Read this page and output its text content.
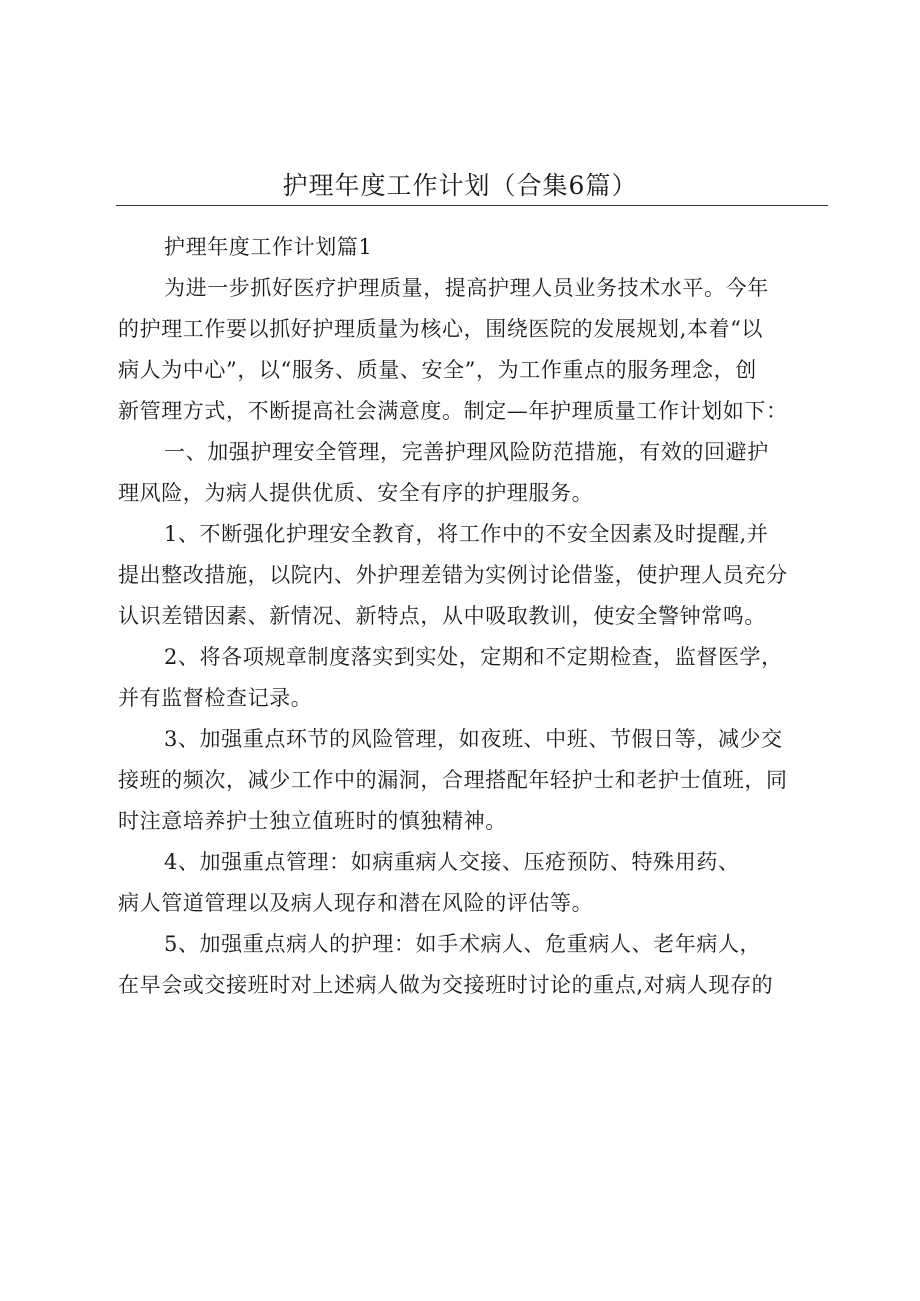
护理年度工作计划（合集6篇）
护理年度工作计划篇1
为进一步抓好医疗护理质量，提高护理人员业务技术水平。今年
的护理工作要以抓好护理质量为核心，围绕医院的发展规划,本着“以
病人为中心”，以“服务、质量、安全”，为工作重点的服务理念，创
新管理方式，不断提高社会满意度。制定—年护理质量工作计划如下：
一、加强护理安全管理，完善护理风险防范措施，有效的回避护
理风险，为病人提供优质、安全有序的护理服务。
1、不断强化护理安全教育，将工作中的不安全因素及时提醒,并
提出整改措施，以院内、外护理差错为实例讨论借鉴，使护理人员充分
认识差错因素、新情况、新特点，从中吸取教训，使安全警钟常鸣。
2、将各项规章制度落实到实处，定期和不定期检查，监督医学，
并有监督检查记录。
3、加强重点环节的风险管理，如夜班、中班、节假日等，减少交
接班的频次，减少工作中的漏洞，合理搭配年轻护士和老护士值班，同
时注意培养护士独立值班时的慎独精神。
4、加强重点管理：如病重病人交接、压疮预防、特殊用药、
病人管道管理以及病人现存和潜在风险的评估等。
5、加强重点病人的护理：如手术病人、危重病人、老年病人，
在早会或交接班时对上述病人做为交接班时讨论的重点,对病人现存的
